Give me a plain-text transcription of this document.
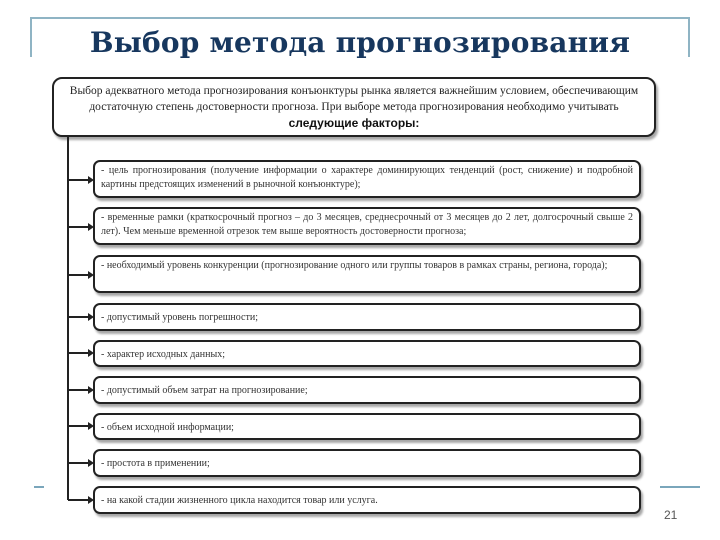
Выбор метода прогнозирования
Выбор адекватного метода прогнозирования конъюнктуры рынка является важнейшим условием, обеспечивающим достаточную степень достоверности прогноза. При выборе метода прогнозирования необходимо учитывать следующие факторы:
- цель прогнозирования (получение информации о характере доминирующих тенденций (рост, снижение) и подробной картины предстоящих изменений в рыночной конъюнктуре);
- временные рамки (краткосрочный прогноз – до 3 месяцев, среднесрочный от 3 месяцев до 2 лет, долгосрочный свыше 2 лет). Чем меньше временной отрезок тем выше вероятность достоверности прогноза;
- необходимый уровень конкуренции (прогнозирование одного или группы товаров в рамках страны, региона, города);
- допустимый уровень погрешности;
- характер исходных данных;
- допустимый объем затрат на прогнозирование;
- объем исходной информации;
- простота в применении;
- на какой стадии жизненного цикла находится товар или услуга.
21
